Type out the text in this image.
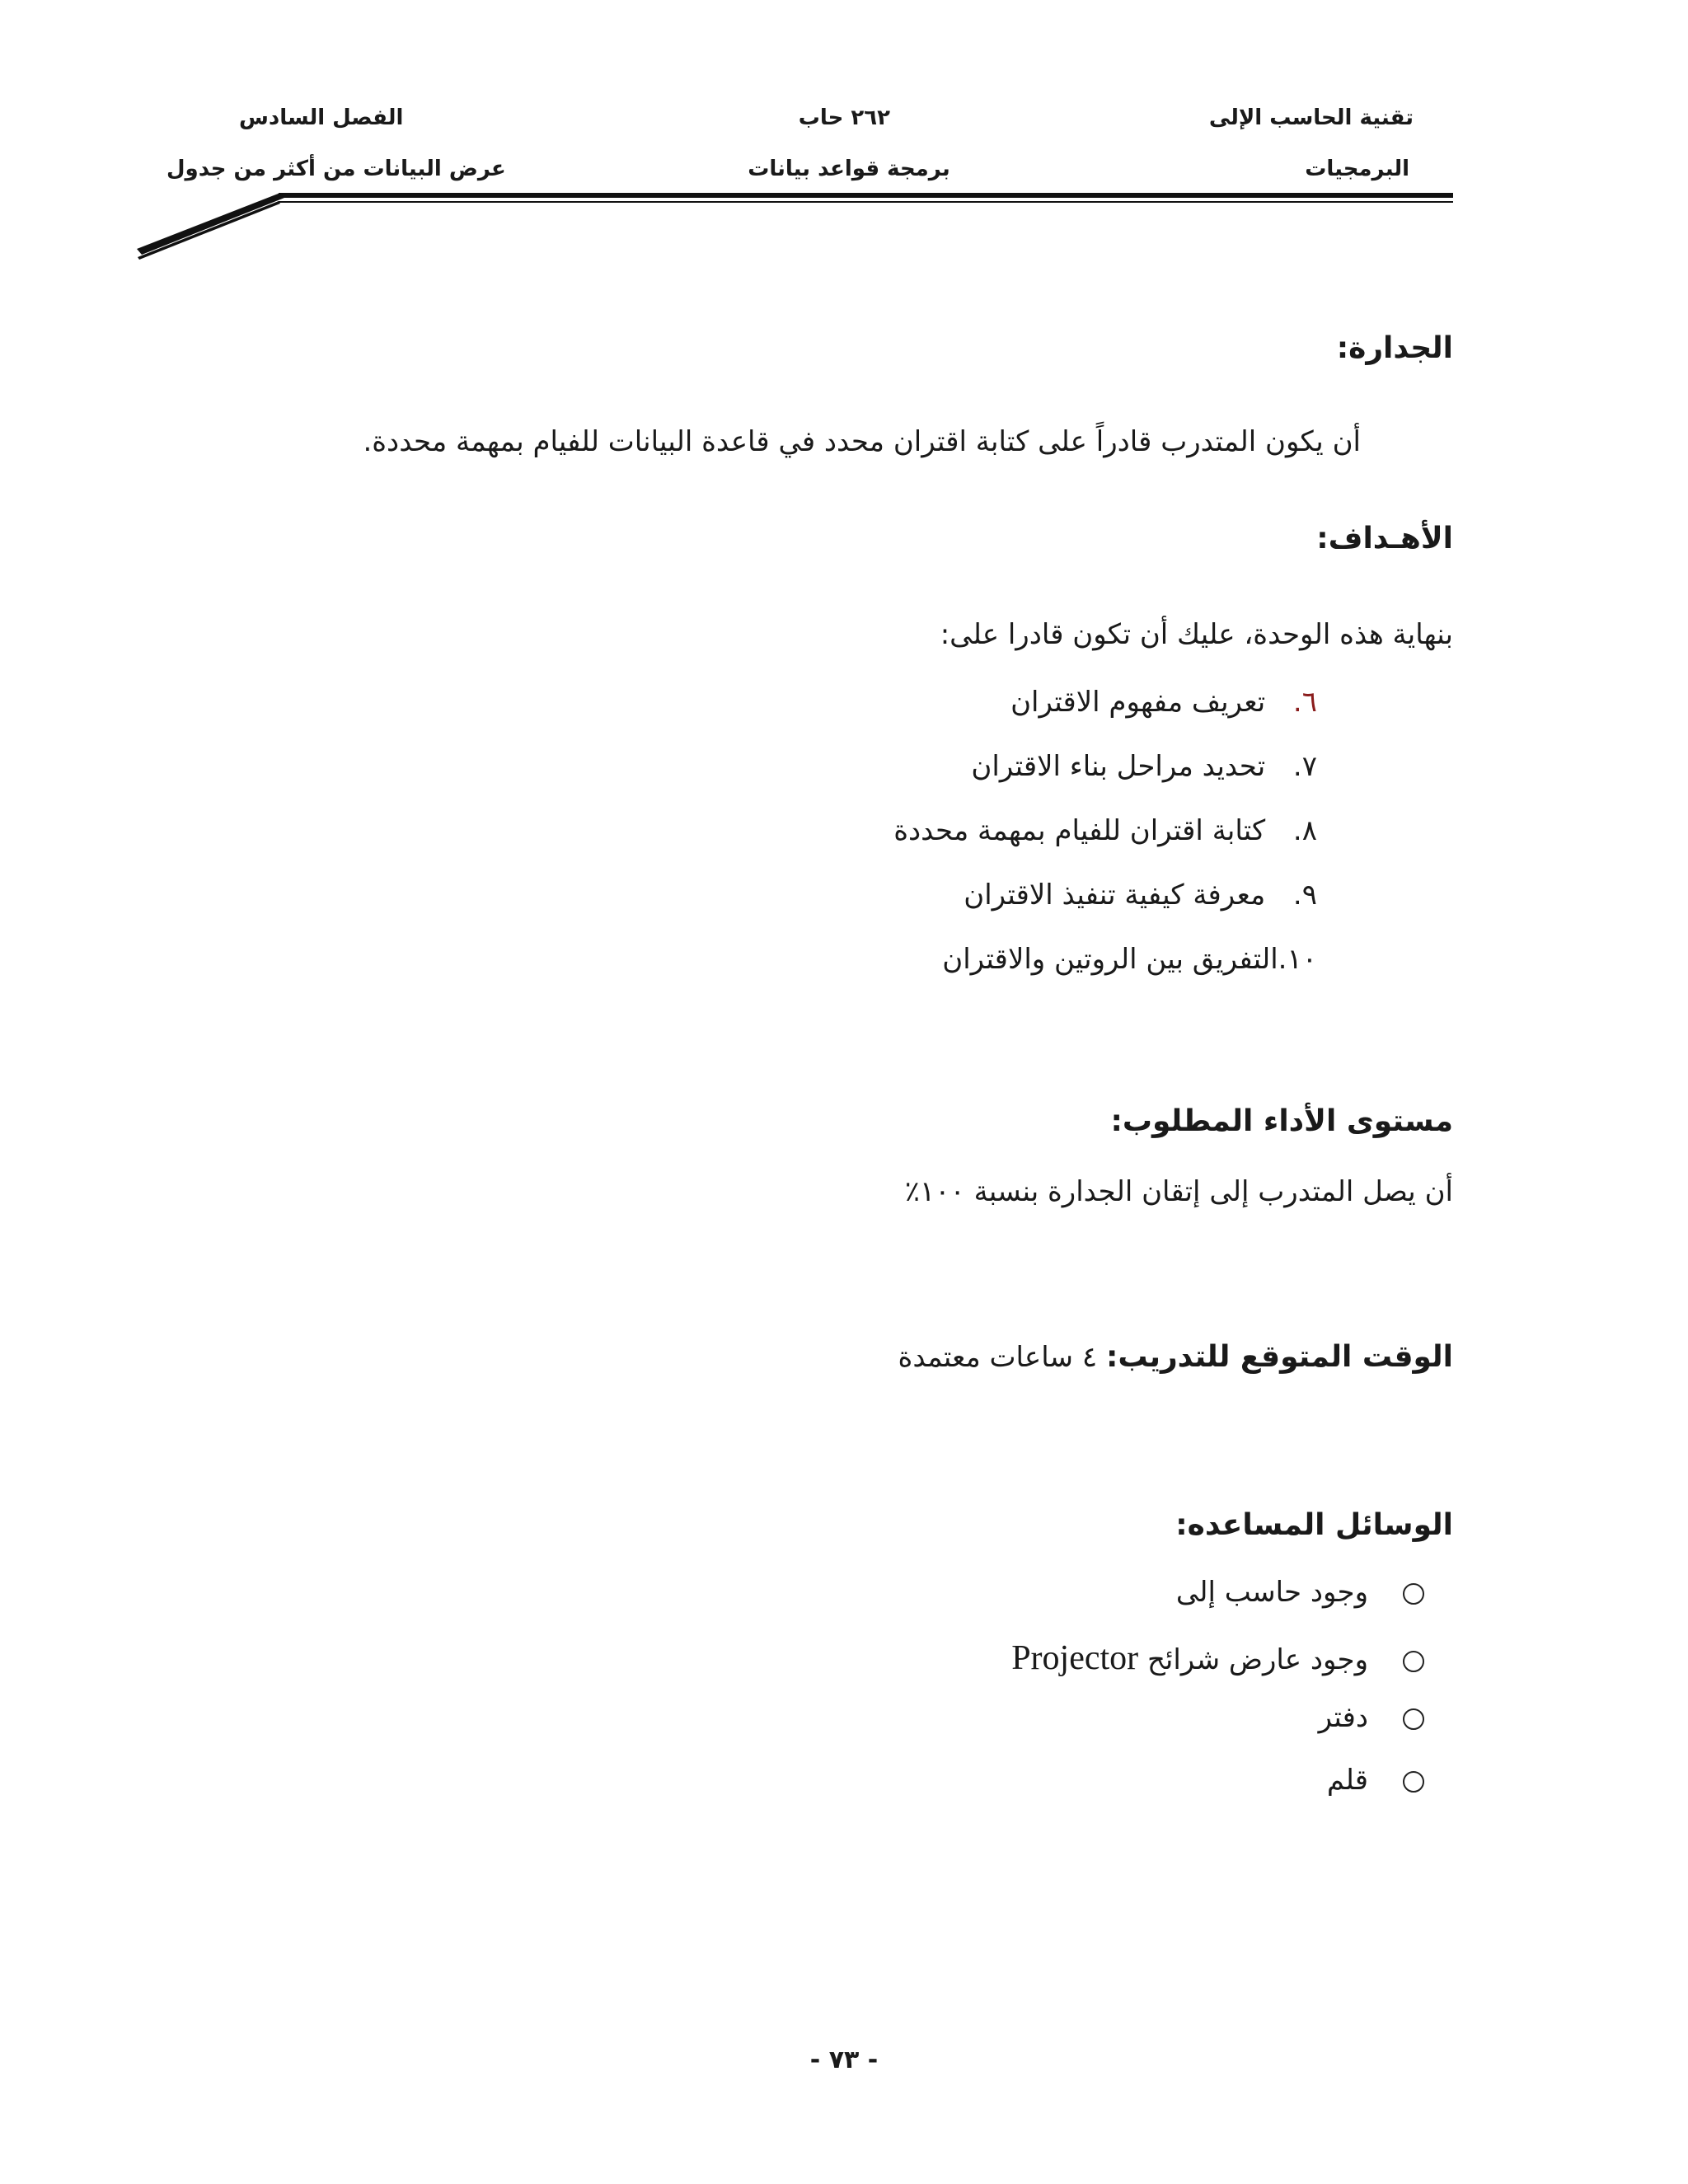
تقنية الحاسب الإلى
البرمجيات
٢٦٢ حاب
برمجة قواعد بيانات
الفصل السادس
عرض البيانات من أكثر من جدول
الجدارة:
أن يكون المتدرب قادراً على كتابة اقتران محدد في قاعدة البيانات للفيام بمهمة محددة.
الأهـداف:
بنهاية هذه الوحدة، عليك أن تكون قادرا على:
٦. تعريف مفهوم الاقتران
٧. تحديد مراحل بناء الاقتران
٨. كتابة اقتران للفيام بمهمة محددة
٩. معرفة كيفية تنفيذ الاقتران
١٠.التفريق بين الروتين والاقتران
مستوى الأداء المطلوب:
أن يصل المتدرب إلى إتقان الجدارة بنسبة ١٠٠٪
الوقت المتوقع للتدريب: ٤ ساعات معتمدة
الوسائل المساعده:
وجود حاسب إلى
وجود عارض شرائح Projector
دفتر
قلم
- ٧٣ -
